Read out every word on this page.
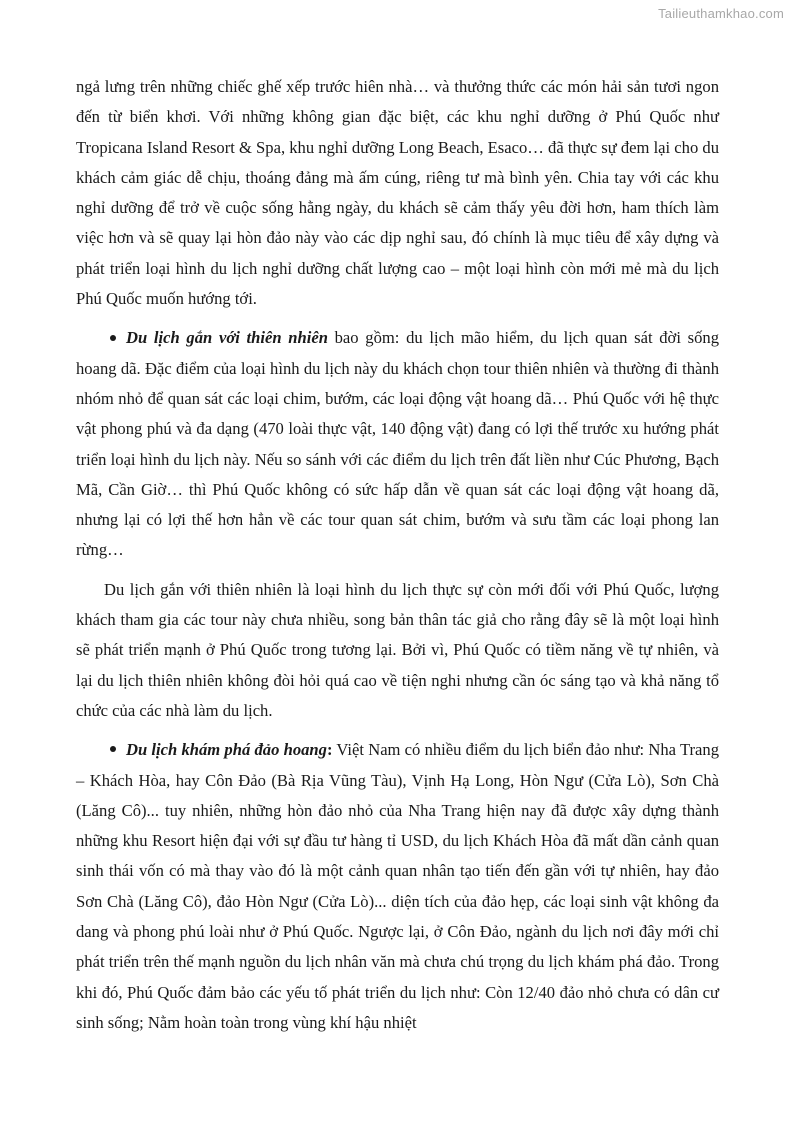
Tailieuthamkhao.com

ngả lưng trên những chiếc ghế xếp trước hiên nhà… và thưởng thức các món hải sản tươi ngon đến từ biển khơi. Với những không gian đặc biệt, các khu nghỉ dưỡng ở Phú Quốc như Tropicana Island Resort & Spa, khu nghỉ dưỡng Long Beach, Esaco… đã thực sự đem lại cho du khách cảm giác dễ chịu, thoáng đảng mà ấm cúng, riêng tư mà bình yên. Chia tay với các khu nghỉ dưỡng để trở về cuộc sống hằng ngày, du khách sẽ cảm thấy yêu đời hơn, ham thích làm việc hơn và sẽ quay lại hòn đảo này vào các dịp nghỉ sau, đó chính là mục tiêu để xây dựng và phát triển loại hình du lịch nghỉ dưỡng chất lượng cao – một loại hình còn mới mẻ mà du lịch Phú Quốc muốn hướng tới.

Du lịch gắn với thiên nhiên bao gồm: du lịch mão hiểm, du lịch quan sát đời sống hoang dã. Đặc điểm của loại hình du lịch này du khách chọn tour thiên nhiên và thường đi thành nhóm nhỏ để quan sát các loại chim, bướm, các loại động vật hoang dã… Phú Quốc với hệ thực vật phong phú và đa dạng (470 loài thực vật, 140 động vật) đang có lợi thế trước xu hướng phát triển loại hình du lịch này. Nếu so sánh với các điểm du lịch trên đất liền như Cúc Phương, Bạch Mã, Cần Giờ… thì Phú Quốc không có sức hấp dẫn về quan sát các loại động vật hoang dã, nhưng lại có lợi thế hơn hẳn về các tour quan sát chim, bướm và sưu tầm các loại phong lan rừng…

Du lịch gắn với thiên nhiên là loại hình du lịch thực sự còn mới đối với Phú Quốc, lượng khách tham gia các tour này chưa nhiều, song bản thân tác giả cho rằng đây sẽ là một loại hình sẽ phát triển mạnh ở Phú Quốc trong tương lại. Bởi vì, Phú Quốc có tiềm năng về tự nhiên, và lại du lịch thiên nhiên không đòi hỏi quá cao về tiện nghi nhưng cần óc sáng tạo và khả năng tổ chức của các nhà làm du lịch.

Du lịch khám phá đảo hoang: Việt Nam có nhiều điểm du lịch biển đảo như: Nha Trang – Khách Hòa, hay Côn Đảo (Bà Rịa Vũng Tàu), Vịnh Hạ Long, Hòn Ngư (Cửa Lò), Sơn Chà (Lăng Cô)... tuy nhiên, những hòn đảo nhỏ của Nha Trang hiện nay đã được xây dựng thành những khu Resort hiện đại với sự đầu tư hàng tỉ USD, du lịch Khách Hòa đã mất dần cảnh quan sinh thái vốn có mà thay vào đó là một cảnh quan nhân tạo tiến đến gần với tự nhiên, hay đảo Sơn Chà (Lăng Cô), đảo Hòn Ngư (Cửa Lò)... diện tích của đảo hẹp, các loại sinh vật không đa dang và phong phú loài như ở Phú Quốc. Ngược lại, ở Côn Đảo, ngành du lịch nơi đây mới chỉ phát triển trên thế mạnh nguồn du lịch nhân văn mà chưa chú trọng du lịch khám phá đảo. Trong khi đó, Phú Quốc đảm bảo các yếu tố phát triển du lịch như: Còn 12/40 đảo nhỏ chưa có dân cư sinh sống; Nằm hoàn toàn trong vùng khí hậu nhiệt
